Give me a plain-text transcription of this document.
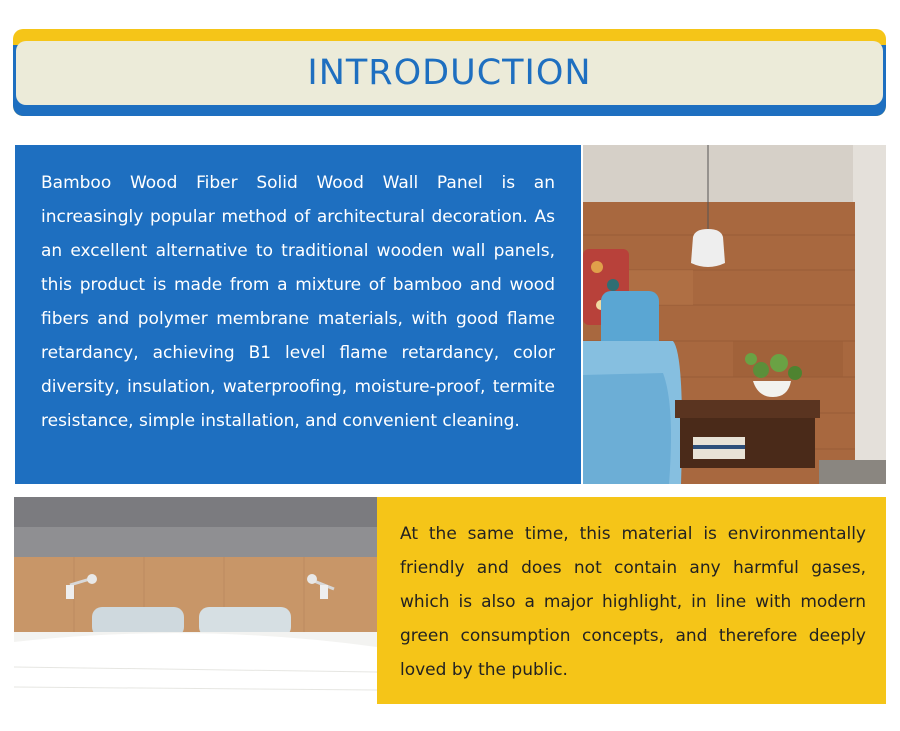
INTRODUCTION

Bamboo Wood Fiber Solid Wood Wall Panel is an increasingly popular method of architectural decoration. As an excellent alternative to traditional wooden wall panels, this product is made from a mixture of bamboo and wood fibers and polymer membrane materials, with good flame retardancy, achieving B1 level flame retardancy, color diversity, insulation, waterproofing, moisture-proof, termite resistance, simple installation, and convenient cleaning.

At the same time, this material is environmentally friendly and does not contain any harmful gases, which is also a major highlight, in line with modern green consumption concepts, and therefore deeply loved by the public.
